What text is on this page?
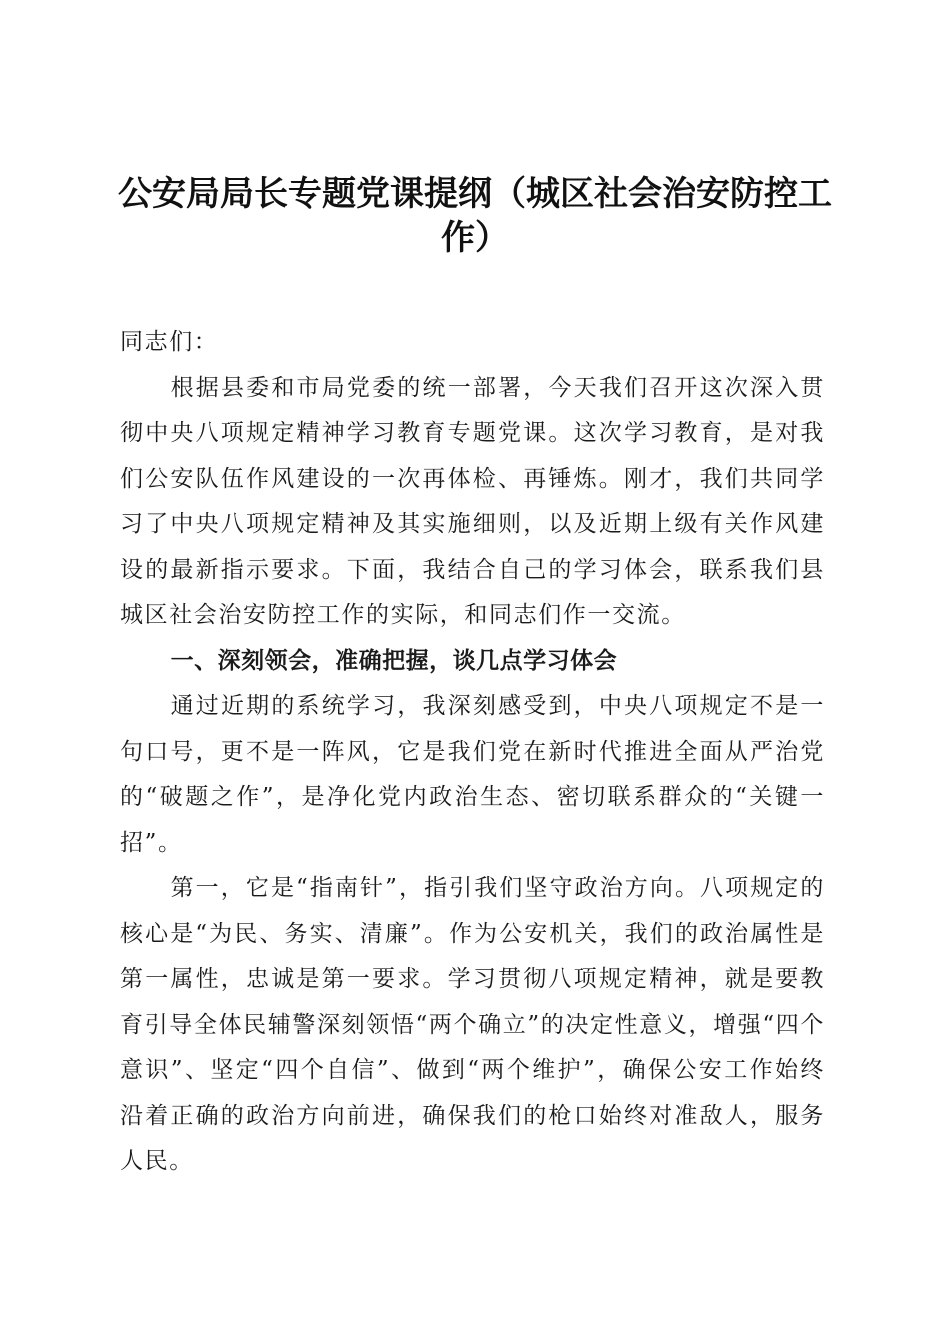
公安局局长专题党课提纲（城区社会治安防控工作）

同志们：

根据县委和市局党委的统一部署，今天我们召开这次深入贯彻中央八项规定精神学习教育专题党课。这次学习教育，是对我们公安队伍作风建设的一次再体检、再锤炼。刚才，我们共同学习了中央八项规定精神及其实施细则，以及近期上级有关作风建设的最新指示要求。下面，我结合自己的学习体会，联系我们县城区社会治安防控工作的实际，和同志们作一交流。

一、深刻领会，准确把握，谈几点学习体会

通过近期的系统学习，我深刻感受到，中央八项规定不是一句口号，更不是一阵风，它是我们党在新时代推进全面从严治党的“破题之作”，是净化党内政治生态、密切联系群众的“关键一招”。

第一，它是“指南针”，指引我们坚守政治方向。八项规定的核心是“为民、务实、清廉”。作为公安机关，我们的政治属性是第一属性，忠诚是第一要求。学习贯彻八项规定精神，就是要教育引导全体民辅警深刻领悟“两个确立”的决定性意义，增强“四个意识”、坚定“四个自信”、做到“两个维护”，确保公安工作始终沿着正确的政治方向前进，确保我们的枪口始终对准敌人，服务人民。
